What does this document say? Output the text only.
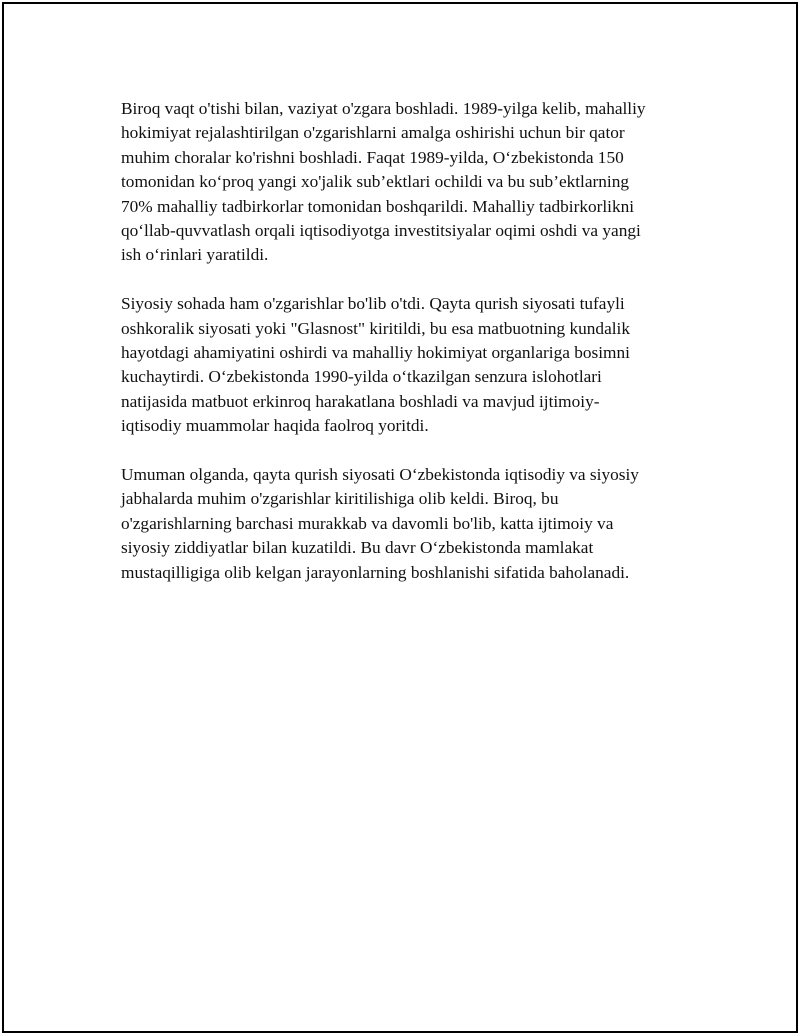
Biroq vaqt o'tishi bilan, vaziyat o'zgara boshladi. 1989-yilga kelib, mahalliy
hokimiyat rejalashtirilgan o'zgarishlarni amalga oshirishi uchun bir qator
muhim choralar ko'rishni boshladi. Faqat 1989-yilda, O‘zbekistonda 150
tomonidan ko‘proq yangi xo'jalik sub’ektlari ochildi va bu sub’ektlarning
70% mahalliy tadbirkorlar tomonidan boshqarildi. Mahalliy tadbirkorlikni
qo‘llab-quvvatlash orqali iqtisodiyotga investitsiyalar oqimi oshdi va yangi
ish o‘rinlari yaratildi.

Siyosiy sohada ham o'zgarishlar bo'lib o'tdi. Qayta qurish siyosati tufayli
oshkoralik siyosati yoki "Glasnost" kiritildi, bu esa matbuotning kundalik
hayotdagi ahamiyatini oshirdi va mahalliy hokimiyat organlariga bosimni
kuchaytirdi. O‘zbekistonda 1990-yilda o‘tkazilgan senzura islohotlari
natijasida matbuot erkinroq harakatlana boshladi va mavjud ijtimoiy-
iqtisodiy muammolar haqida faolroq yoritdi.

Umuman olganda, qayta qurish siyosati O‘zbekistonda iqtisodiy va siyosiy
jabhalarda muhim o'zgarishlar kiritilishiga olib keldi. Biroq, bu
o'zgarishlarning barchasi murakkab va davomli bo'lib, katta ijtimoiy va
siyosiy ziddiyatlar bilan kuzatildi. Bu davr O‘zbekistonda mamlakat
mustaqilligiga olib kelgan jarayonlarning boshlanishi sifatida baholanadi.
